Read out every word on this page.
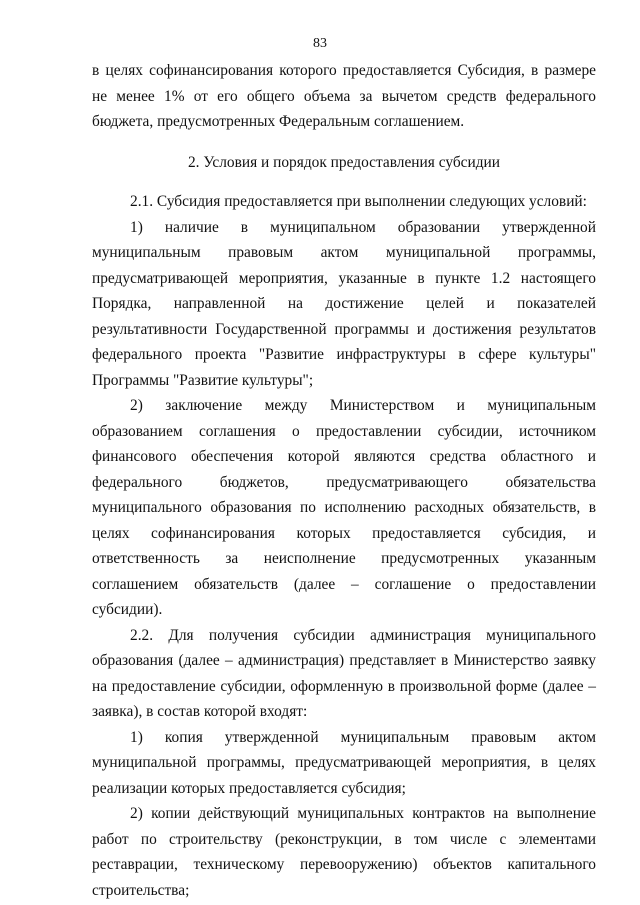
83

в целях софинансирования которого предоставляется Субсидия, в размере не менее 1% от его общего объема за вычетом средств федерального бюджета, предусмотренных Федеральным соглашением.

2. Условия и порядок предоставления субсидии

2.1. Субсидия предоставляется при выполнении следующих условий:

1) наличие в муниципальном образовании утвержденной муниципальным правовым актом муниципальной программы, предусматривающей мероприятия, указанные в пункте 1.2 настоящего Порядка, направленной на достижение целей и показателей результативности Государственной программы и достижения результатов федерального проекта "Развитие инфраструктуры в сфере культуры" Программы "Развитие культуры";

2) заключение между Министерством и муниципальным образованием соглашения о предоставлении субсидии, источником финансового обеспечения которой являются средства областного и федерального бюджетов, предусматривающего обязательства муниципального образования по исполнению расходных обязательств, в целях софинансирования которых предоставляется субсидия, и ответственность за неисполнение предусмотренных указанным соглашением обязательств (далее – соглашение о предоставлении субсидии).

2.2. Для получения субсидии администрация муниципального образования (далее – администрация) представляет в Министерство заявку на предоставление субсидии, оформленную в произвольной форме (далее – заявка), в состав которой входят:

1) копия утвержденной муниципальным правовым актом муниципальной программы, предусматривающей мероприятия, в целях реализации которых предоставляется субсидия;

2) копии действующий муниципальных контрактов на выполнение работ по строительству (реконструкции, в том числе с элементами реставрации, техническому перевооружению) объектов капитального строительства;
